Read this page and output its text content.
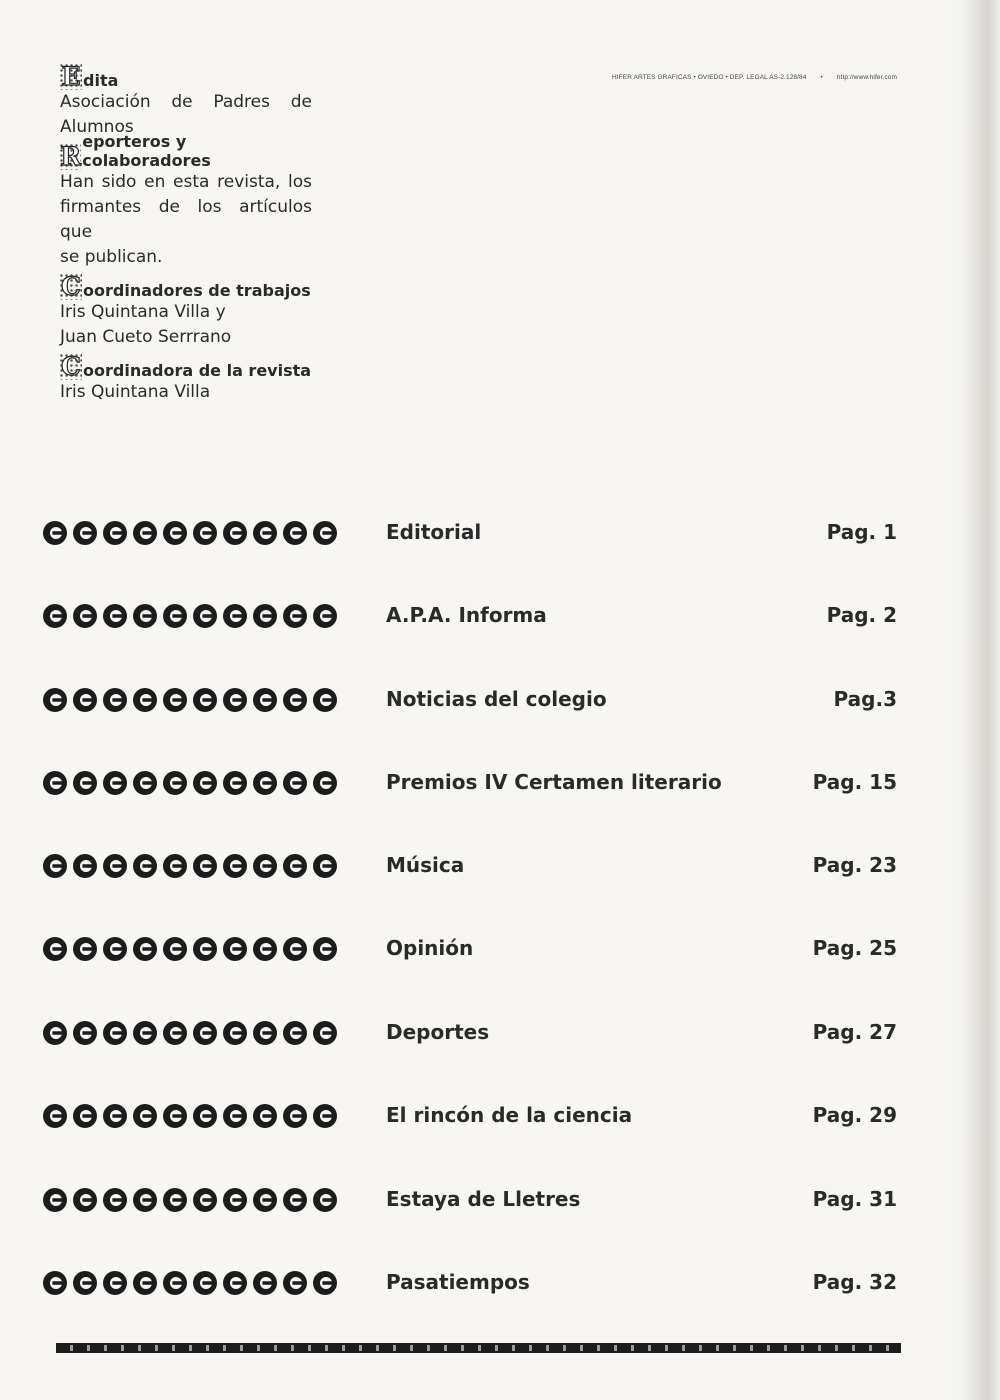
HIFER ARTES GRAFICAS • OVIEDO • DEP. LEGAL AS-2.128/84 • http://www.hifer.com
E dita
Asociación de Padres de
Alumnos
R
eporteros y colaboradores
Han sido en esta revista, los
firmantes de los artículos que
se publican.
C oordinadores de trabajos
Iris Quintana Villa y
Juan Cueto Serrrano
C oordinadora de la revista
Iris Quintana Villa
Editorial	Pag. 1
A.P.A. Informa	Pag. 2
Noticias del colegio	Pag.3
Premios IV Certamen literario	Pag. 15
Música	Pag. 23
Opinión	Pag. 25
Deportes	Pag. 27
El rincón de la ciencia	Pag. 29
Estaya de Lletres	Pag. 31
Pasatiempos	Pag. 32
